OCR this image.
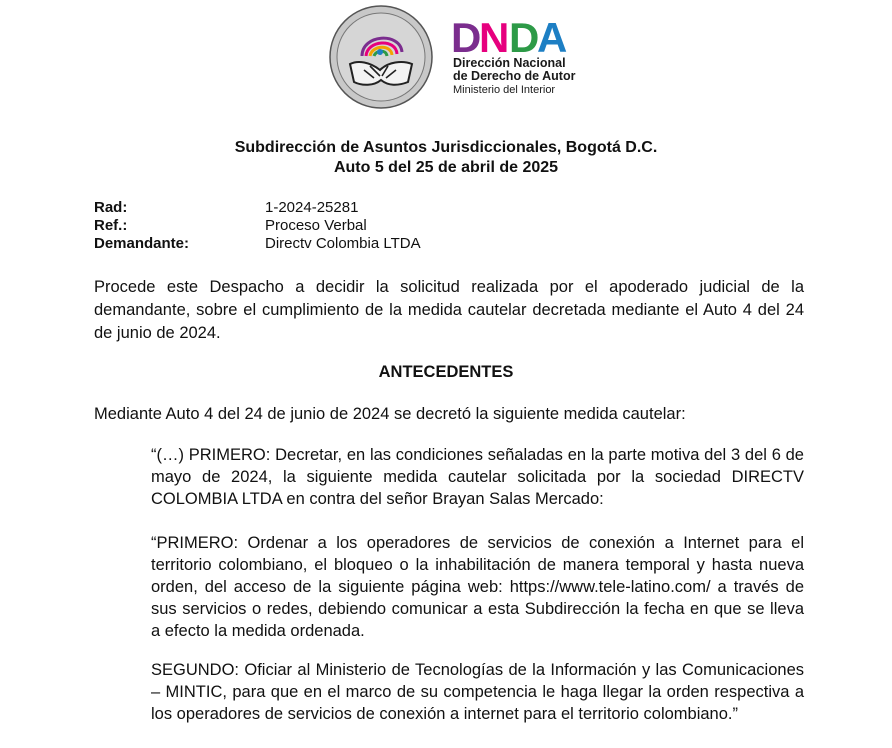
D
N D
A
Dirección Nacional
de Derecho de Autor
Ministerio del Interior
Subdirección de Asuntos Jurisdiccionales, Bogotá D.C.
Auto 5 del 25 de abril de 2025
Rad:	1-2024-25281
Ref.:	Proceso Verbal
Demandante:	Directv Colombia LTDA
Procede este Despacho a decidir la solicitud realizada por el apoderado judicial de la demandante, sobre el cumplimiento de la medida cautelar decretada mediante el Auto 4 del 24 de junio de 2024.
ANTECEDENTES
Mediante Auto 4 del 24 de junio de 2024 se decretó la siguiente medida cautelar:
“(…) PRIMERO: Decretar, en las condiciones señaladas en la parte motiva del 3 del 6 de mayo de 2024, la siguiente medida cautelar solicitada por la sociedad DIRECTV COLOMBIA LTDA en contra del señor Brayan Salas Mercado:
“PRIMERO: Ordenar a los operadores de servicios de conexión a Internet para el territorio colombiano, el bloqueo o la inhabilitación de manera temporal y hasta nueva orden, del acceso de la siguiente página web: https://www.tele-latino.com/ a través de sus servicios o redes, debiendo comunicar a esta Subdirección la fecha en que se lleva a efecto la medida ordenada.
SEGUNDO: Oficiar al Ministerio de Tecnologías de la Información y las Comunicaciones – MINTIC, para que en el marco de su competencia le haga llegar la orden respectiva a los operadores de servicios de conexión a internet para el territorio colombiano.”
